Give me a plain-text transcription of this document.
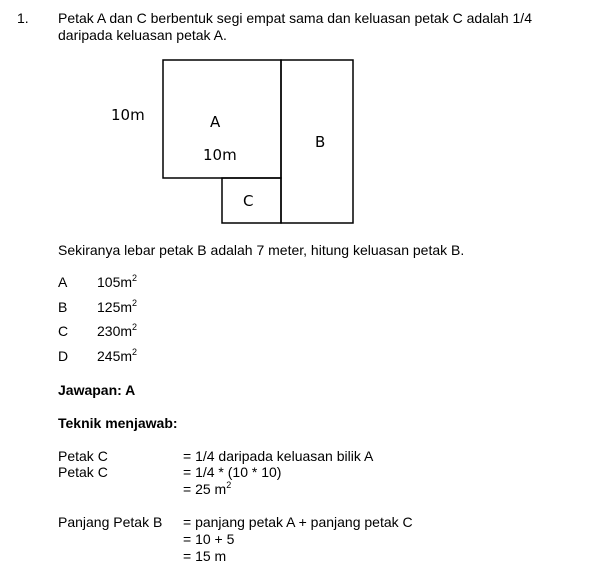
1. Petak A dan C berbentuk segi empat sama dan keluasan petak C adalah 1/4
daripada keluasan petak A.
10m	A
10m
B
C
Sekiranya lebar petak B adalah 7 meter, hitung keluasan petak B.
A $105m^2$
B $125m^2$
C $230m^2$
D $245m^2$
Jawapan: A
Teknik menjawab:
Petak C
Petak C
= 1/4 daripada keluasan bilik A
= 1/4 * (10 * 10)
= 25 $m^2$
Panjang Petak B = panjang petak A + panjang petak C
= 10 + 5
= 15 m
